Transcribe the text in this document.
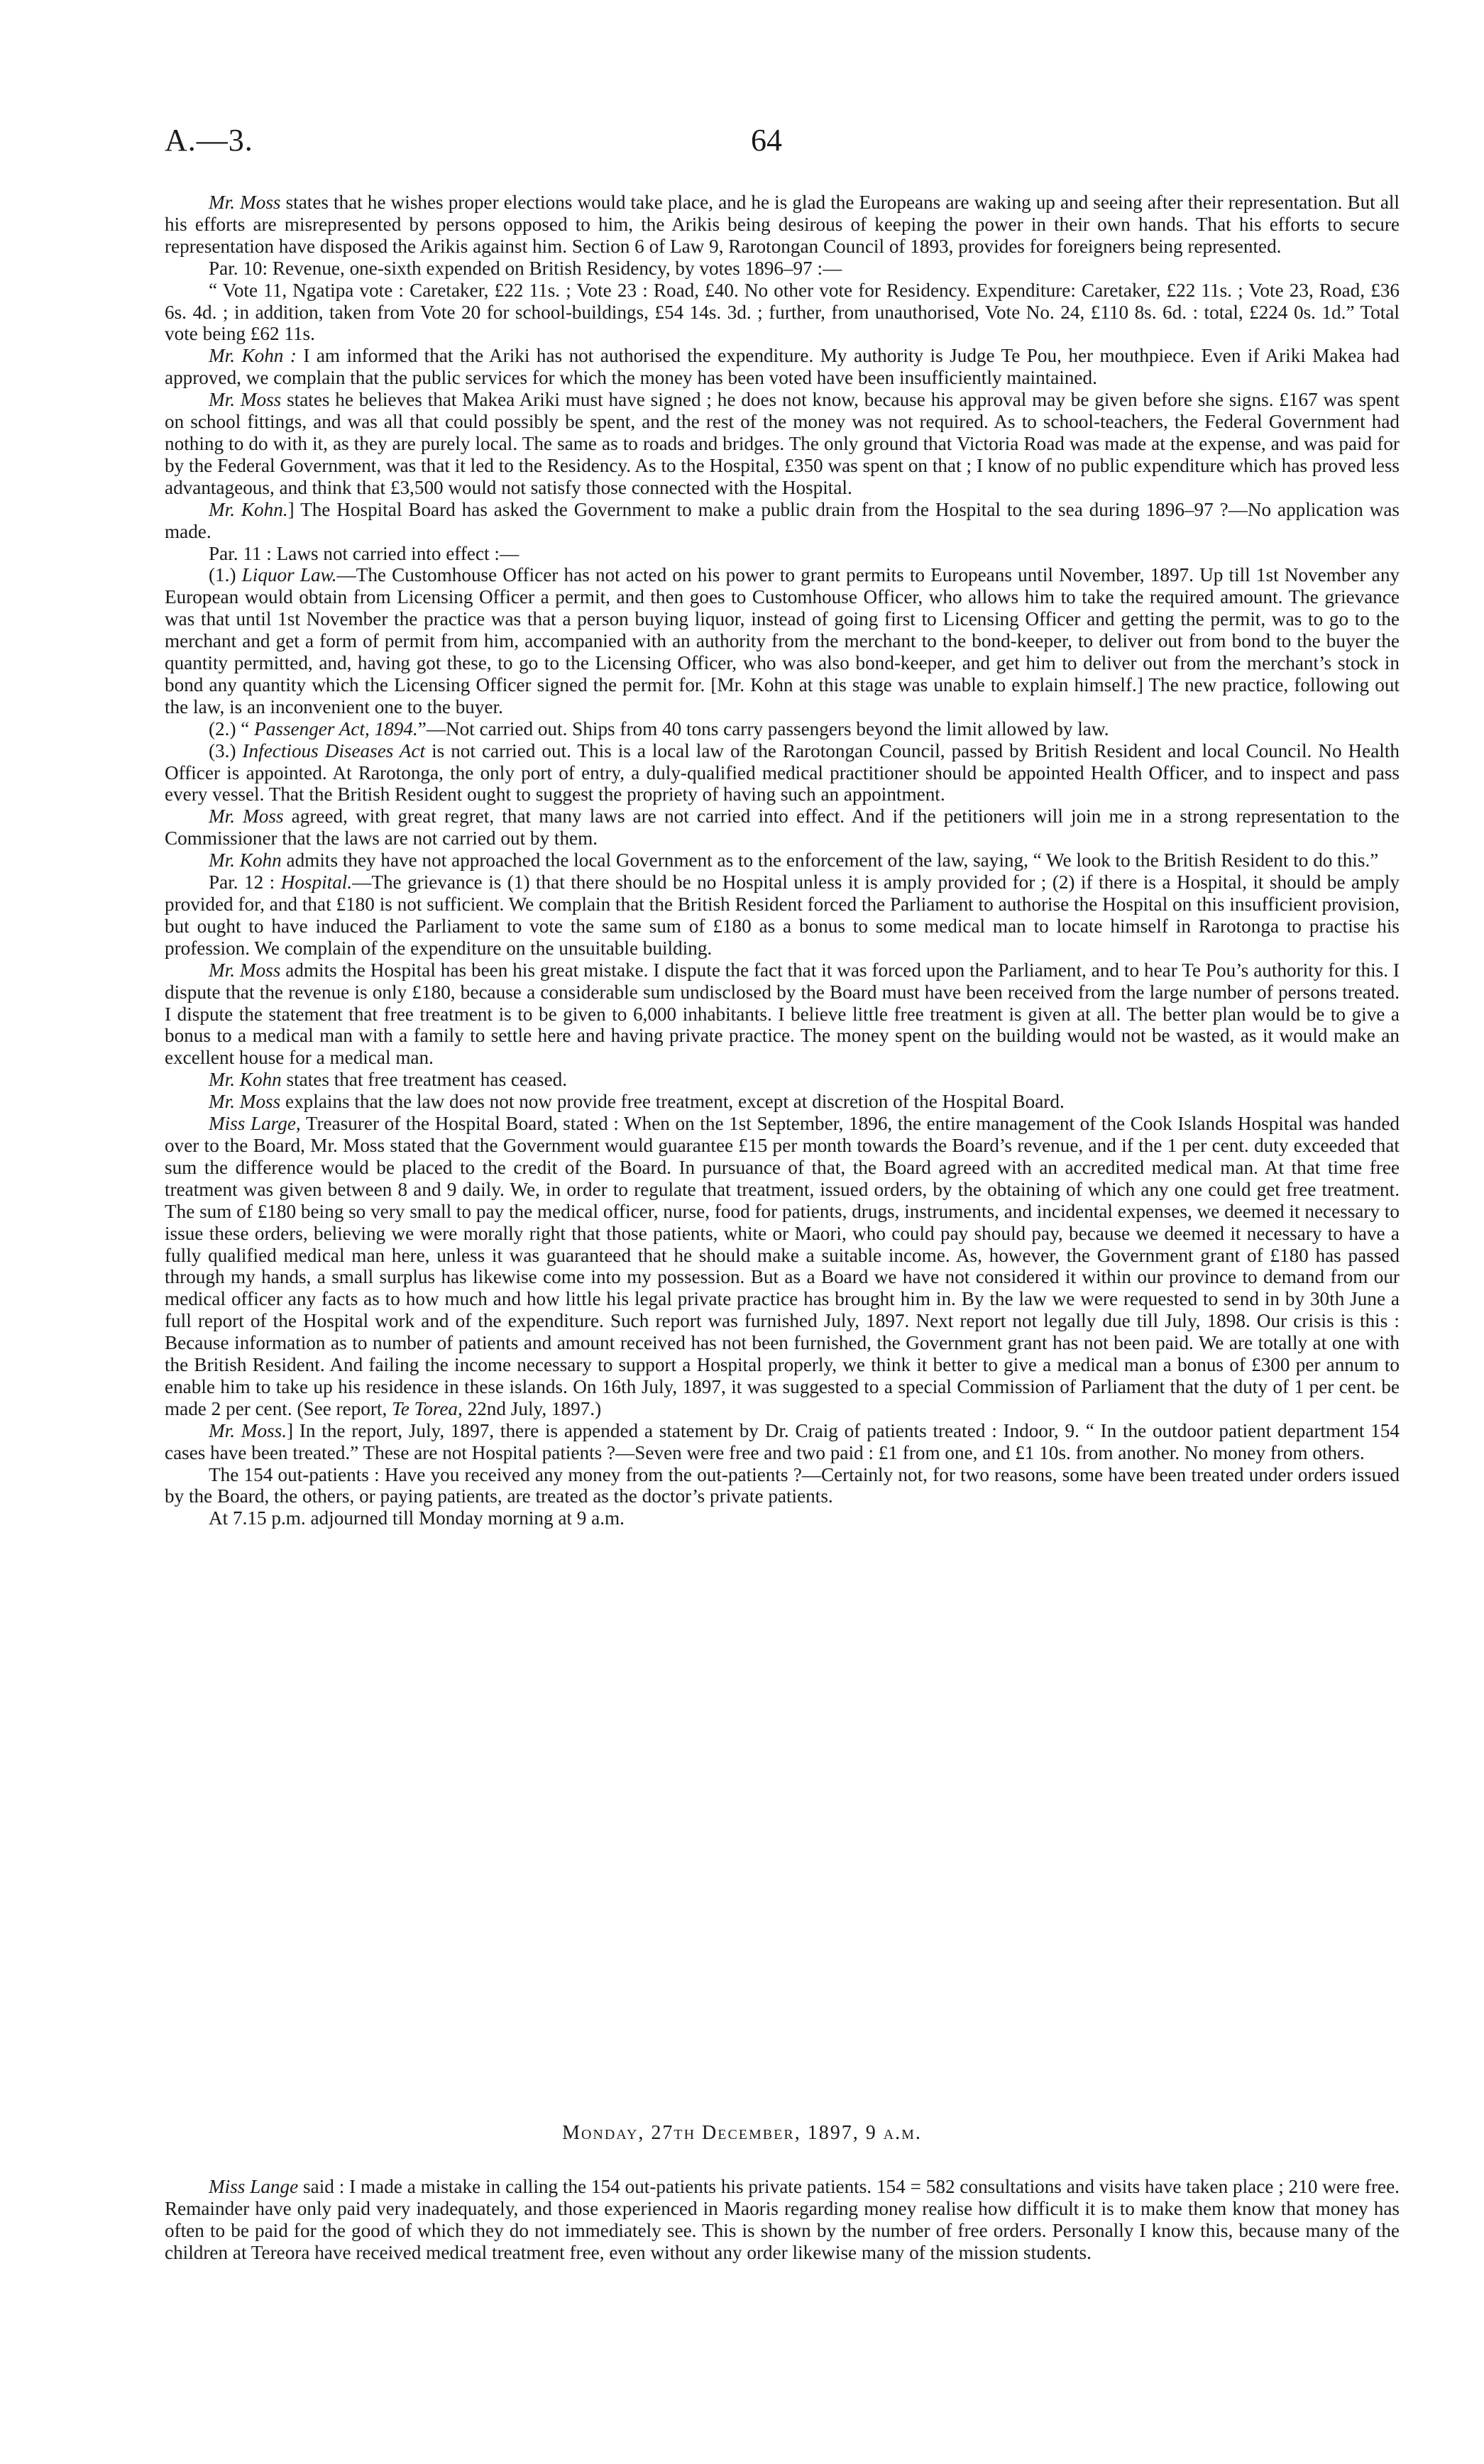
A.—3.	64

Mr. Moss states that he wishes proper elections would take place, and he is glad the Europeans are waking up and seeing after their representation. But all his efforts are misrepresented by persons opposed to him, the Arikis being desirous of keeping the power in their own hands. That his efforts to secure representation have disposed the Arikis against him. Section 6 of Law 9, Rarotongan Council of 1893, provides for foreigners being represented.

Par. 10: Revenue, one-sixth expended on British Residency, by votes 1896–97 :—

“ Vote 11, Ngatipa vote : Caretaker, £22 11s. ; Vote 23 : Road, £40. No other vote for Residency. Expenditure: Caretaker, £22 11s. ; Vote 23, Road, £36 6s. 4d. ; in addition, taken from Vote 20 for school-buildings, £54 14s. 3d. ; further, from unauthorised, Vote No. 24, £110 8s. 6d. : total, £224 0s. 1d.” Total vote being £62 11s.

Mr. Kohn : I am informed that the Ariki has not authorised the expenditure. My authority is Judge Te Pou, her mouthpiece. Even if Ariki Makea had approved, we complain that the public services for which the money has been voted have been insufficiently maintained.

Mr. Moss states he believes that Makea Ariki must have signed ; he does not know, because his approval may be given before she signs. £167 was spent on school fittings, and was all that could possibly be spent, and the rest of the money was not required. As to school-teachers, the Federal Government had nothing to do with it, as they are purely local. The same as to roads and bridges. The only ground that Victoria Road was made at the expense, and was paid for by the Federal Government, was that it led to the Residency. As to the Hospital, £350 was spent on that ; I know of no public expenditure which has proved less advantageous, and think that £3,500 would not satisfy those connected with the Hospital.

Mr. Kohn.] The Hospital Board has asked the Government to make a public drain from the Hospital to the sea during 1896–97 ?—No application was made.

Par. 11 : Laws not carried into effect :—

(1.) Liquor Law.—The Customhouse Officer has not acted on his power to grant permits to Europeans until November, 1897. Up till 1st November any European would obtain from Licensing Officer a permit, and then goes to Customhouse Officer, who allows him to take the required amount. The grievance was that until 1st November the practice was that a person buying liquor, instead of going first to Licensing Officer and getting the permit, was to go to the merchant and get a form of permit from him, accompanied with an authority from the merchant to the bond-keeper, to deliver out from bond to the buyer the quantity permitted, and, having got these, to go to the Licensing Officer, who was also bond-keeper, and get him to deliver out from the merchant’s stock in bond any quantity which the Licensing Officer signed the permit for. [Mr. Kohn at this stage was unable to explain himself.] The new practice, following out the law, is an inconvenient one to the buyer.

(2.) “ Passenger Act, 1894.”—Not carried out. Ships from 40 tons carry passengers beyond the limit allowed by law.

(3.) Infectious Diseases Act is not carried out. This is a local law of the Rarotongan Council, passed by British Resident and local Council. No Health Officer is appointed. At Rarotonga, the only port of entry, a duly-qualified medical practitioner should be appointed Health Officer, and to inspect and pass every vessel. That the British Resident ought to suggest the propriety of having such an appointment.

Mr. Moss agreed, with great regret, that many laws are not carried into effect. And if the petitioners will join me in a strong representation to the Commissioner that the laws are not carried out by them.

Mr. Kohn admits they have not approached the local Government as to the enforcement of the law, saying, “ We look to the British Resident to do this.”

Par. 12 : Hospital.—The grievance is (1) that there should be no Hospital unless it is amply provided for ; (2) if there is a Hospital, it should be amply provided for, and that £180 is not sufficient. We complain that the British Resident forced the Parliament to authorise the Hospital on this insufficient provision, but ought to have induced the Parliament to vote the same sum of £180 as a bonus to some medical man to locate himself in Rarotonga to practise his profession. We complain of the expenditure on the unsuitable building.

Mr. Moss admits the Hospital has been his great mistake. I dispute the fact that it was forced upon the Parliament, and to hear Te Pou’s authority for this. I dispute that the revenue is only £180, because a considerable sum undisclosed by the Board must have been received from the large number of persons treated. I dispute the statement that free treatment is to be given to 6,000 inhabitants. I believe little free treatment is given at all. The better plan would be to give a bonus to a medical man with a family to settle here and having private practice. The money spent on the building would not be wasted, as it would make an excellent house for a medical man.

Mr. Kohn states that free treatment has ceased.

Mr. Moss explains that the law does not now provide free treatment, except at discretion of the Hospital Board.

Miss Large, Treasurer of the Hospital Board, stated : When on the 1st September, 1896, the entire management of the Cook Islands Hospital was handed over to the Board, Mr. Moss stated that the Government would guarantee £15 per month towards the Board’s revenue, and if the 1 per cent. duty exceeded that sum the difference would be placed to the credit of the Board. In pursuance of that, the Board agreed with an accredited medical man. At that time free treatment was given between 8 and 9 daily. We, in order to regulate that treatment, issued orders, by the obtaining of which any one could get free treatment. The sum of £180 being so very small to pay the medical officer, nurse, food for patients, drugs, instruments, and incidental expenses, we deemed it necessary to issue these orders, believing we were morally right that those patients, white or Maori, who could pay should pay, because we deemed it necessary to have a fully qualified medical man here, unless it was guaranteed that he should make a suitable income. As, however, the Government grant of £180 has passed through my hands, a small surplus has likewise come into my possession. But as a Board we have not considered it within our province to demand from our medical officer any facts as to how much and how little his legal private practice has brought him in. By the law we were requested to send in by 30th June a full report of the Hospital work and of the expenditure. Such report was furnished July, 1897. Next report not legally due till July, 1898. Our crisis is this : Because information as to number of patients and amount received has not been furnished, the Government grant has not been paid. We are totally at one with the British Resident. And failing the income necessary to support a Hospital properly, we think it better to give a medical man a bonus of £300 per annum to enable him to take up his residence in these islands. On 16th July, 1897, it was suggested to a special Commission of Parliament that the duty of 1 per cent. be made 2 per cent. (See report, Te Torea, 22nd July, 1897.)

Mr. Moss.] In the report, July, 1897, there is appended a statement by Dr. Craig of patients treated : Indoor, 9. “ In the outdoor patient department 154 cases have been treated.” These are not Hospital patients ?—Seven were free and two paid : £1 from one, and £1 10s. from another. No money from others.

The 154 out-patients : Have you received any money from the out-patients ?—Certainly not, for two reasons, some have been treated under orders issued by the Board, the others, or paying patients, are treated as the doctor’s private patients.

At 7.15 p.m. adjourned till Monday morning at 9 a.m.

Monday, 27th December, 1897, 9 a.m.

Miss Lange said : I made a mistake in calling the 154 out-patients his private patients. 154 = 582 consultations and visits have taken place ; 210 were free. Remainder have only paid very inadequately, and those experienced in Maoris regarding money realise how difficult it is to make them know that money has often to be paid for the good of which they do not immediately see. This is shown by the number of free orders. Personally I know this, because many of the children at Tereora have received medical treatment free, even without any order likewise many of the mission students.
